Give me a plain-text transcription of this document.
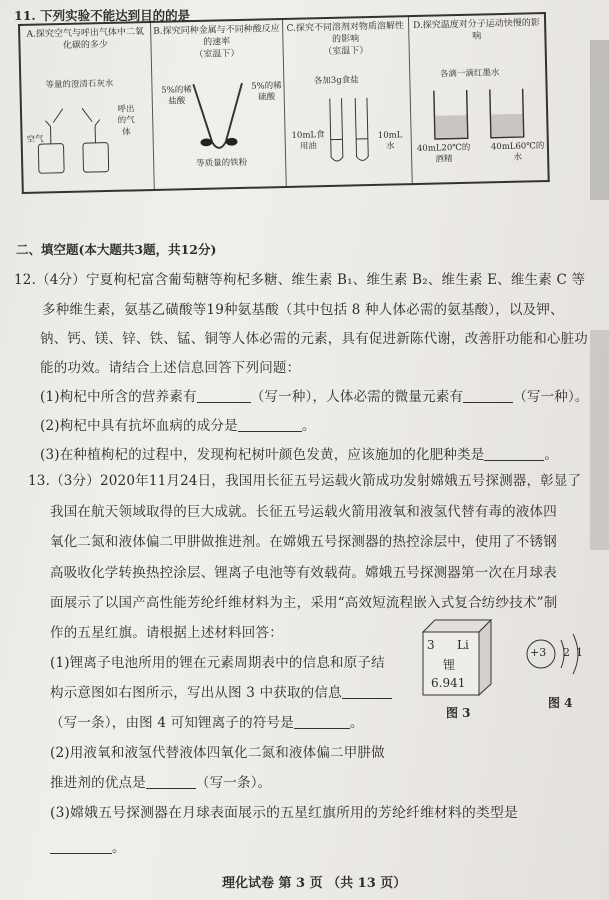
11. 下列实验不能达到目的的是
A.探究空气与呼出气体中二氧化碳的多少
等量的澄清石灰水
呼出的气体
空气

B.探究同种金属与不同种酸反应的速率
（室温下）
5%的稀盐酸
5%的稀硫酸
等质量的铁粉

C.探究不同溶剂对物质溶解性的影响
（室温下）
各加3g食盐
10mL食用油
10mL水

D.探究温度对分子运动快慢的影响
各滴一滴红墨水
40mL20℃的酒精
40mL60℃的水
二、填空题(本大题共3题，共12分)
12.（4分）宁夏枸杞富含葡萄糖等枸杞多糖、维生素 B₁、维生素 B₂、维生素 E、维生素 C 等
多种维生素，氨基乙磺酸等19种氨基酸（其中包括 8 种人体必需的氨基酸），以及钾、
钠、钙、镁、锌、铁、锰、铜等人体必需的元素，具有促进新陈代谢，改善肝功能和心脏功
能的功效。请结合上述信息回答下列问题：
(1)枸杞中所含的营养素有	（写一种），人体必需的微量元素有	（写一种）。
(2)枸杞中具有抗坏血病的成分是	。
(3)在种植枸杞的过程中，发现枸杞树叶颜色发黄，应该施加的化肥种类是	。
13.（3分）2020年11月24日，我国用长征五号运载火箭成功发射嫦娥五号探测器，彰显了
我国在航天领域取得的巨大成就。长征五号运载火箭用液氧和液氢代替有毒的液体四
氧化二氮和液体偏二甲肼做推进剂。在嫦娥五号探测器的热控涂层中，使用了不锈钢
高吸收化学转换热控涂层、锂离子电池等有效载荷。嫦娥五号探测器第一次在月球表
面展示了以国产高性能芳纶纤维材料为主，采用“高效短流程嵌入式复合纺纱技术”制
作的五星红旗。请根据上述材料回答：
(1)锂离子电池所用的锂在元素周期表中的信息和原子结
构示意图如右图所示，写出从图 3 中获取的信息
（写一条），由图 4 可知锂离子的符号是	。
(2)用液氧和液氢代替液体四氧化二氮和液体偏二甲肼做
推进剂的优点是	（写一条）。
(3)嫦娥五号探测器在月球表面展示的五星红旗所用的芳纶纤维材料的类型是
。
3 Li
锂
6.941
图 3
+3 2 1
图 4
理化试卷 第 3 页 （共 13 页）
